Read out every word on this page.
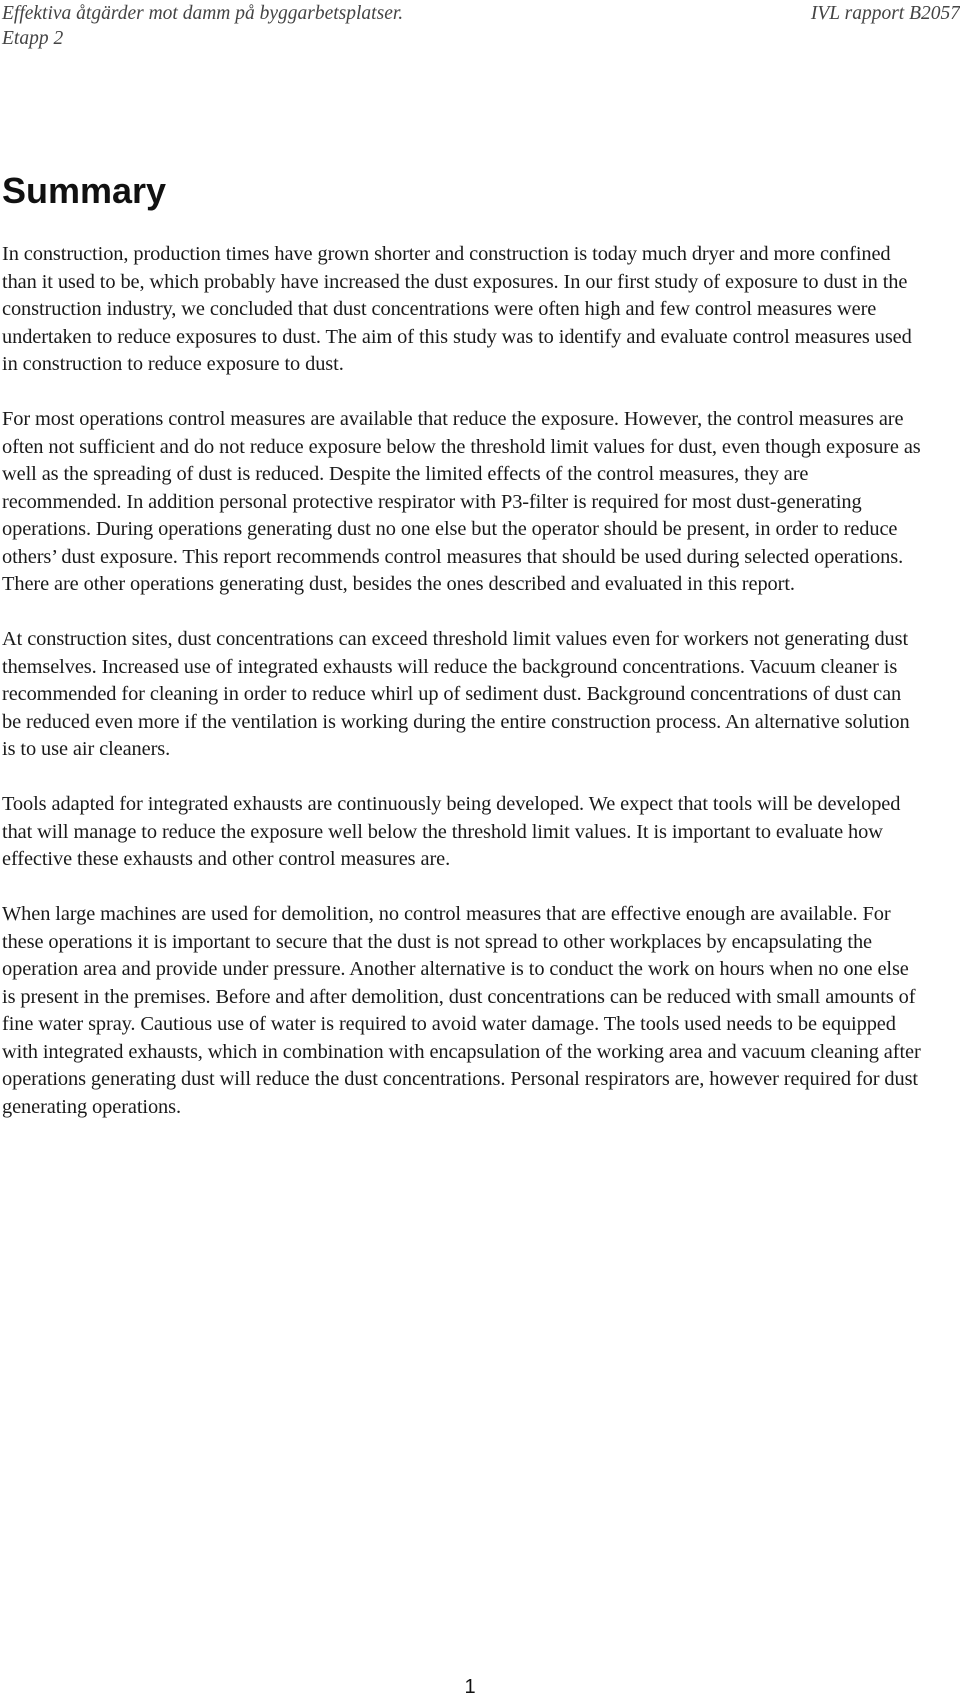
Effektiva åtgärder mot damm på byggarbetsplatser.
Etapp 2
IVL rapport B2057
Summary

In construction, production times have grown shorter and construction is today much dryer and more confined than it used to be, which probably have increased the dust exposures. In our first study of exposure to dust in the construction industry, we concluded that dust concentrations were often high and few control measures were undertaken to reduce exposures to dust. The aim of this study was to identify and evaluate control measures used in construction to reduce exposure to dust.

For most operations control measures are available that reduce the exposure. However, the control measures are often not sufficient and do not reduce exposure below the threshold limit values for dust, even though exposure as well as the spreading of dust is reduced. Despite the limited effects of the control measures, they are recommended. In addition personal protective respirator with P3-filter is required for most dust-generating operations. During operations generating dust no one else but the operator should be present, in order to reduce others’ dust exposure. This report recommends control measures that should be used during selected operations. There are other operations generating dust, besides the ones described and evaluated in this report.

At construction sites, dust concentrations can exceed threshold limit values even for workers not generating dust themselves. Increased use of integrated exhausts will reduce the background concentrations. Vacuum cleaner is recommended for cleaning in order to reduce whirl up of sediment dust. Background concentrations of dust can be reduced even more if the ventilation is working during the entire construction process. An alternative solution is to use air cleaners.

Tools adapted for integrated exhausts are continuously being developed. We expect that tools will be developed that will manage to reduce the exposure well below the threshold limit values. It is important to evaluate how effective these exhausts and other control measures are.

When large machines are used for demolition, no control measures that are effective enough are available. For these operations it is important to secure that the dust is not spread to other workplaces by encapsulating the operation area and provide under pressure. Another alternative is to conduct the work on hours when no one else is present in the premises. Before and after demolition, dust concentrations can be reduced with small amounts of fine water spray. Cautious use of water is required to avoid water damage. The tools used needs to be equipped with integrated exhausts, which in combination with encapsulation of the working area and vacuum cleaning after operations generating dust will reduce the dust concentrations. Personal respirators are, however required for dust generating operations.

1
